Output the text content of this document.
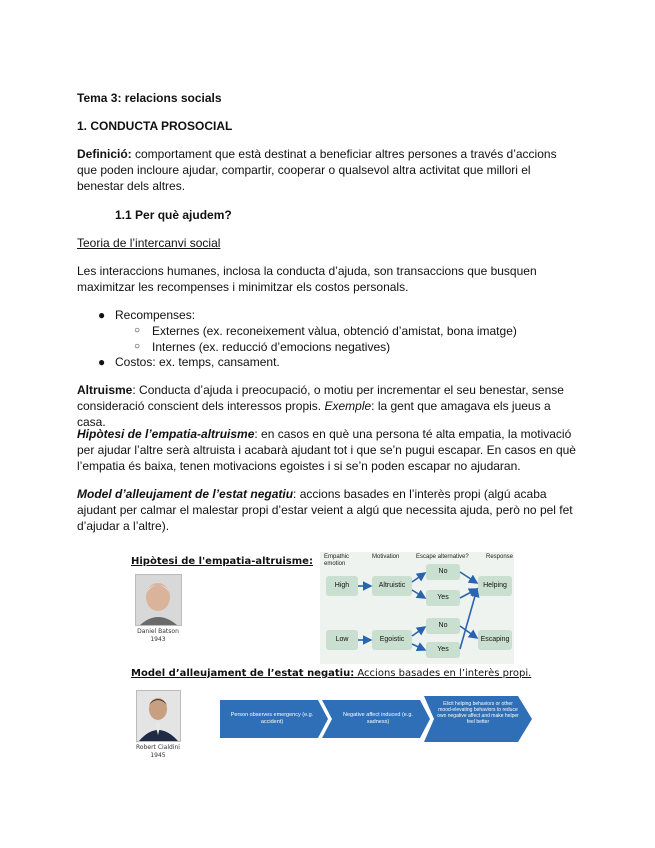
Tema 3: relacions socials

1. CONDUCTA PROSOCIAL

Definició: comportament que està destinat a beneficiar altres persones a través d’accions que poden incloure ajudar, compartir, cooperar o qualsevol altra activitat que millori el benestar dels altres.

1.1 Per què ajudem?

Teoria de l’intercanvi social

Les interaccions humanes, inclosa la conducta d’ajuda, son transaccions que busquen maximitzar les recompenses i minimitzar els costos personals.

● Recompenses:
○ Externes (ex. reconeixement vàlua, obtenció d’amistat, bona imatge)
○ Internes (ex. reducció d’emocions negatives)
● Costos: ex. temps, cansament.

Altruisme: Conducta d’ajuda i preocupació, o motiu per incrementar el seu benestar, sense consideració conscient dels interessos propis. Exemple: la gent que amagava els jueus a casa.

Hipòtesi de l’empatia-altruisme: en casos en què una persona té alta empatia, la motivació per ajudar l’altre serà altruista i acabarà ajudant tot i que se’n pugui escapar. En casos en què l’empatia és baixa, tenen motivacions egoistes i si se’n poden escapar no ajudaran.

Model d’alleujament de l’estat negatiu: accions basades en l’interès propi (algú acaba ajudant per calmar el malestar propi d’estar veient a algú que necessita ajuda, però no pel fet d’ajudar a l’altre).

Hipòtesi de l'empatia-altruisme:
Daniel Batson
1943
Empathic emotion
Motivation	Escape alternative?	Response
High
Low
Altruistic
Egoistic
No
Yes
No
Yes
Helping
Escaping
Model d’alleujament de l’estat negatiu: Accions basades en l’interès propi.
Robert Cialdini
1945
Person observes emergency (e.g. accident)
Negative affect induced (e.g. sadness)
Elicit helping behaviors or other mood-elevating behaviors to reduce own negative affect and make helper feel better
